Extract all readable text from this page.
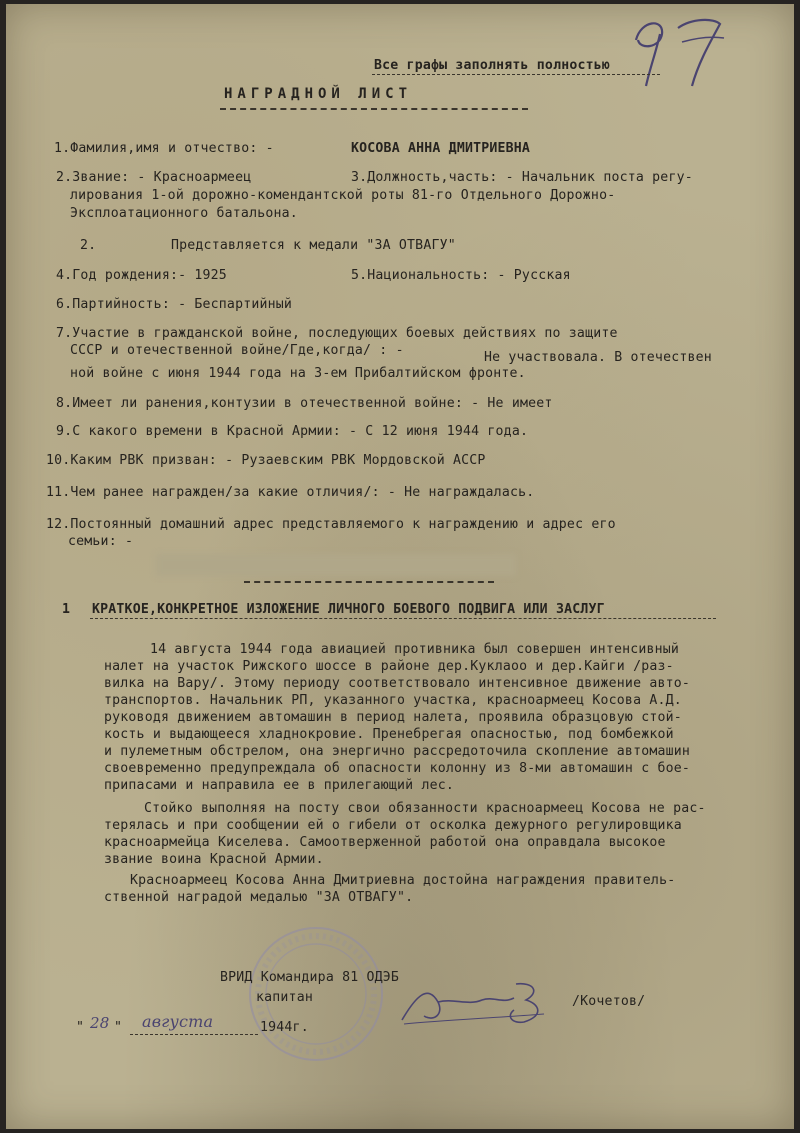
Все графы заполнять полностью
НАГРАДНОЙ ЛИСТ
1.Фамилия,имя и отчество: -	КОСОВА АННА ДМИТРИЕВНА
2.Звание: - Красноармеец	3.Должность,часть: - Начальник поста регу-
лирования 1-ой дорожно-комендантской роты 81-го Отдельного Дорожно-
Эксплоатационного батальона.
2.	Представляется к медали "ЗА ОТВАГУ"
4.Год рождения:- 1925	5.Национальность: - Русская
6.Партийность: - Беспартийный
7.Участие в гражданской войне, последующих боевых действиях по защите
СССР и отечественной войне/Где,когда/ : -	Не участвовала. В отечествен
ной войне с июня 1944 года на 3-ем Прибалтийском фронте.
8.Имеет ли ранения,контузии в отечественной войне: - Не имеет
9.С какого времени в Красной Армии: - С 12 июня 1944 года.
10.Каким РВК призван: - Рузаевским РВК Мордовской АССР
11.Чем ранее награжден/за какие отличия/: - Не награждалась.
12.Постоянный домашний адрес представляемого к награждению и адрес его
семьи: -
1 КРАТКОЕ,КОНКРЕТНОЕ ИЗЛОЖЕНИЕ ЛИЧНОГО БОЕВОГО ПОДВИГА ИЛИ ЗАСЛУГ
14 августа 1944 года авиацией противника был совершен интенсивный
налет на участок Рижского шоссе в районе дер.Куклаоо и дер.Кайги /раз-
вилка на Вару/. Этому периоду соответствовало интенсивное движение авто-
транспортов. Начальник РП, указанного участка, красноармеец Косова А.Д.
руководя движением автомашин в период налета, проявила образцовую стой-
кость и выдающееся хладнокровие. Пренебрегая опасностью, под бомбежкой
и пулеметным обстрелом, она энергично рассредоточила скопление автомашин
своевременно предупреждала об опасности колонну из 8-ми автомашин с бое-
припасами и направила ее в прилегающий лес.
Стойко выполняя на посту свои обязанности красноармеец Косова не рас-
терялась и при сообщении ей о гибели от осколка дежурного регулировщика
красноармейца Киселева. Самоотверженной работой она оправдала высокое
звание воина Красной Армии.
Красноармеец Косова Анна Дмитриевна достойна награждения правитель-
ственной наградой медалью "ЗА ОТВАГУ".
ВРИД Командира 81 ОДЭБ
капитан	/Кочетов/
" 28 " августа	1944г.
